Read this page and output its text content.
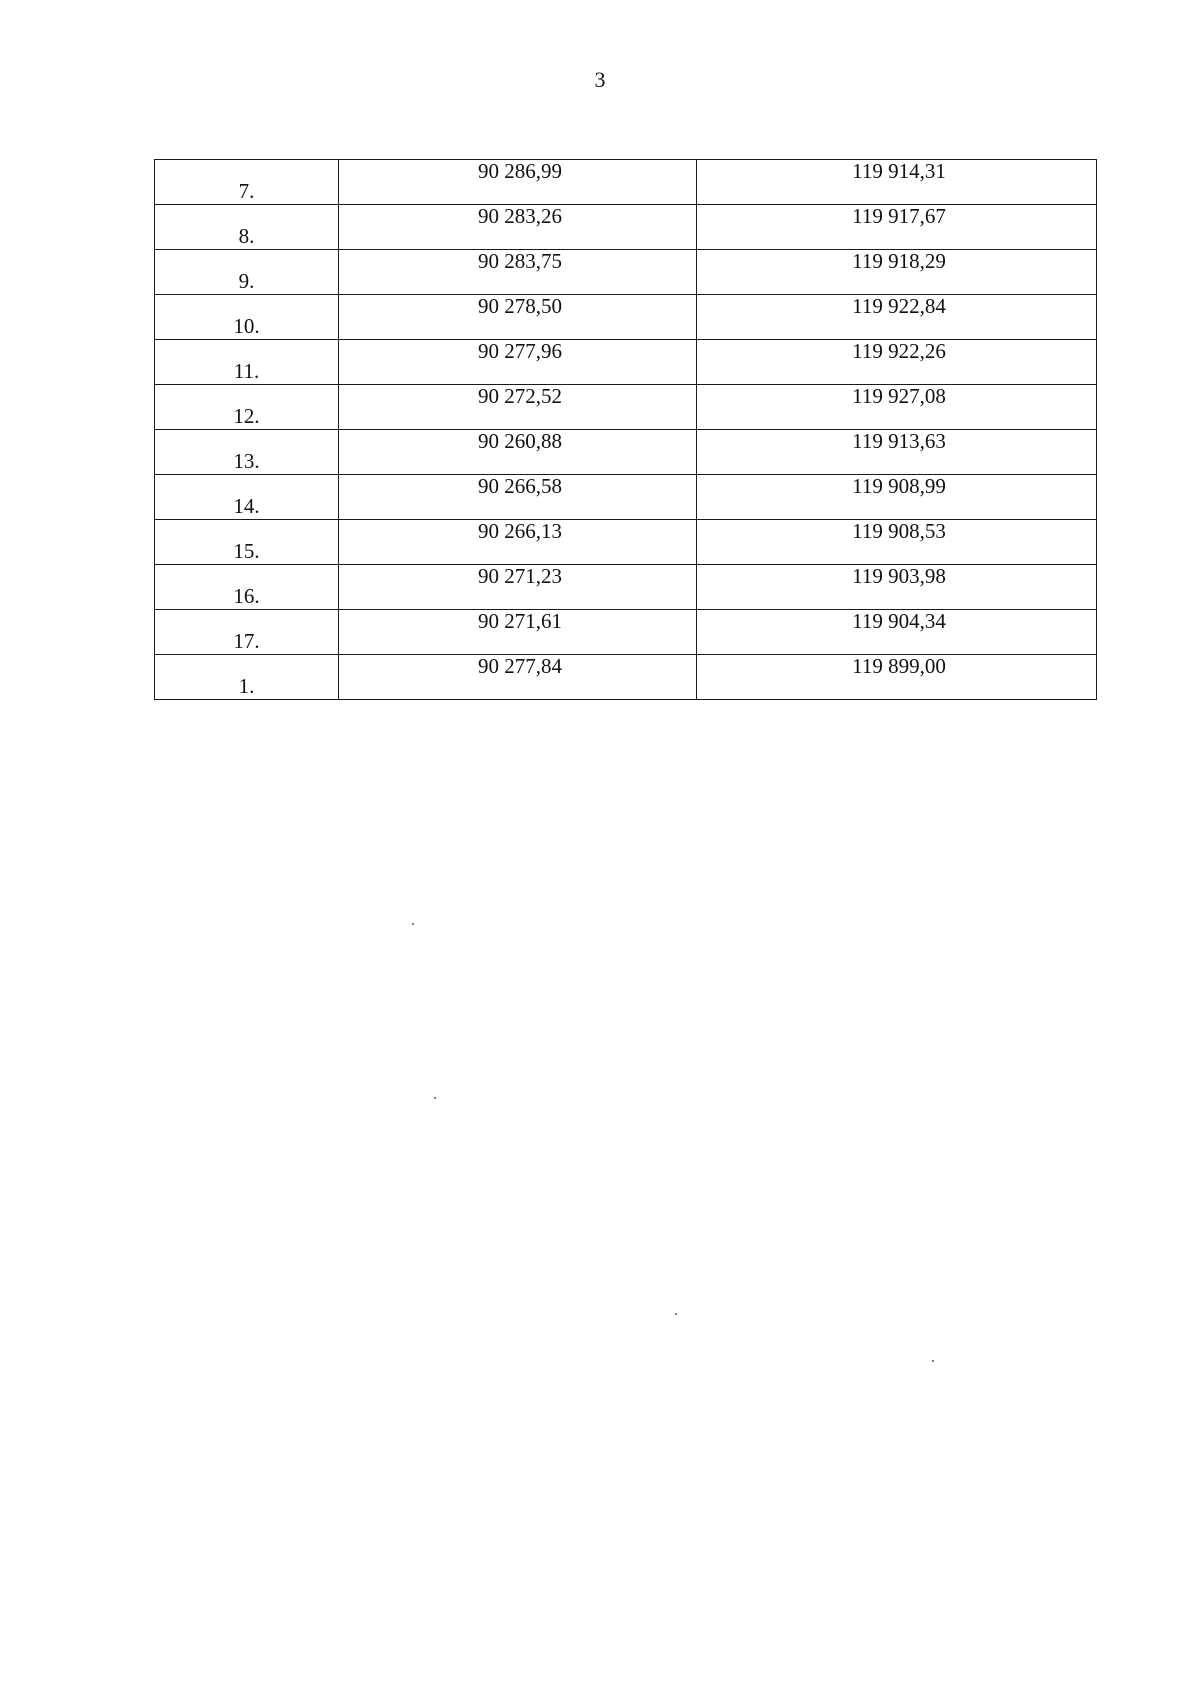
3
7.	90 286,99	119 914,31

8.	90 283,26	119 917,67

9.	90 283,75	119 918,29

10.	90 278,50	119 922,84

11.	90 277,96	119 922,26

12.	90 272,52	119 927,08

13.	90 260,88	119 913,63

14.	90 266,58	119 908,99

15.	90 266,13	119 908,53

16.	90 271,23	119 903,98

17.	90 271,61	119 904,34

1.	90 277,84	119 899,00
